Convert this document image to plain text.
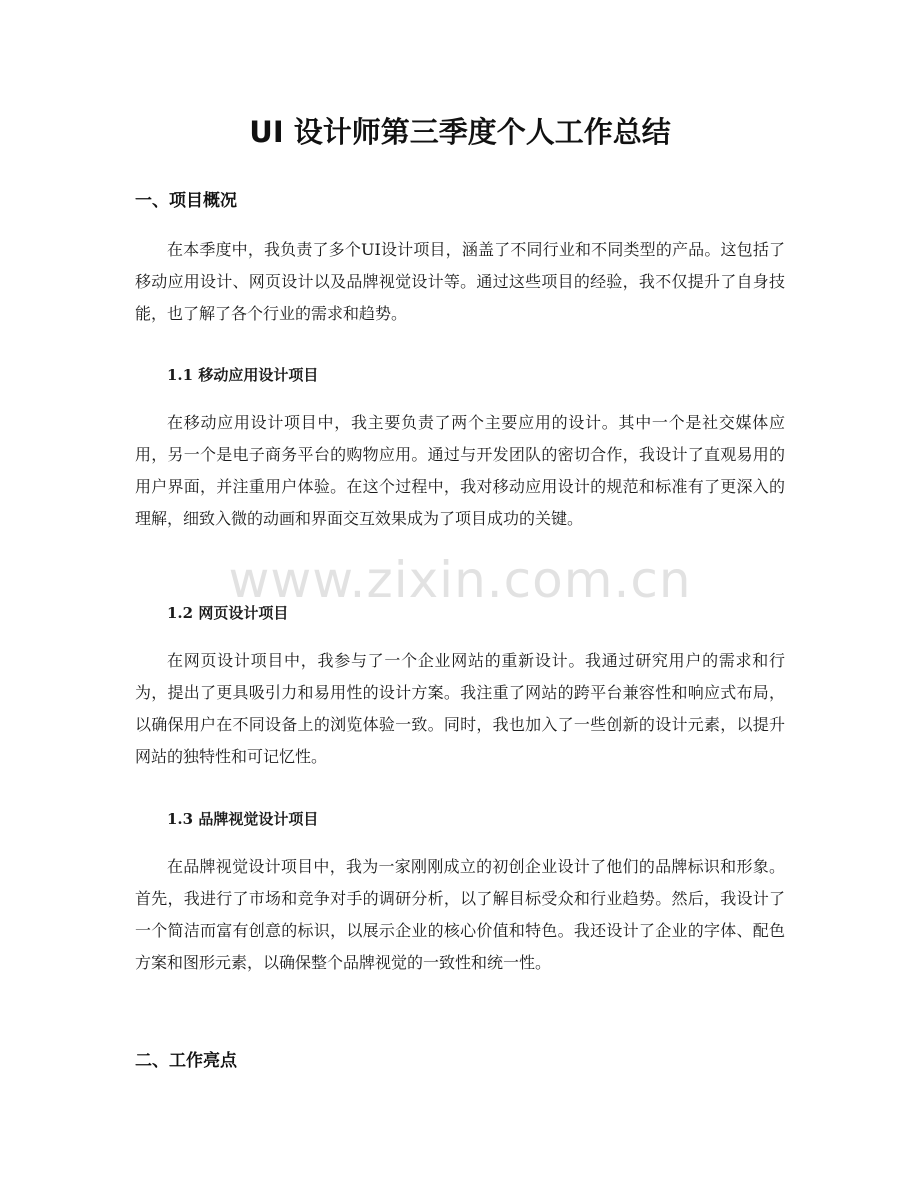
UI 设计师第三季度个人工作总结
一、项目概况

在本季度中，我负责了多个UI设计项目，涵盖了不同行业和不同类型的产品。这包括了移动应用设计、网页设计以及品牌视觉设计等。通过这些项目的经验，我不仅提升了自身技能，也了解了各个行业的需求和趋势。

1.1 移动应用设计项目

在移动应用设计项目中，我主要负责了两个主要应用的设计。其中一个是社交媒体应用，另一个是电子商务平台的购物应用。通过与开发团队的密切合作，我设计了直观易用的用户界面，并注重用户体验。在这个过程中，我对移动应用设计的规范和标准有了更深入的理解，细致入微的动画和界面交互效果成为了项目成功的关键。

1.2 网页设计项目

在网页设计项目中，我参与了一个企业网站的重新设计。我通过研究用户的需求和行为，提出了更具吸引力和易用性的设计方案。我注重了网站的跨平台兼容性和响应式布局，以确保用户在不同设备上的浏览体验一致。同时，我也加入了一些创新的设计元素，以提升网站的独特性和可记忆性。

1.3 品牌视觉设计项目

在品牌视觉设计项目中，我为一家刚刚成立的初创企业设计了他们的品牌标识和形象。首先，我进行了市场和竞争对手的调研分析，以了解目标受众和行业趋势。然后，我设计了一个简洁而富有创意的标识，以展示企业的核心价值和特色。我还设计了企业的字体、配色方案和图形元素，以确保整个品牌视觉的一致性和统一性。

二、工作亮点
www.zixin.com.cn
